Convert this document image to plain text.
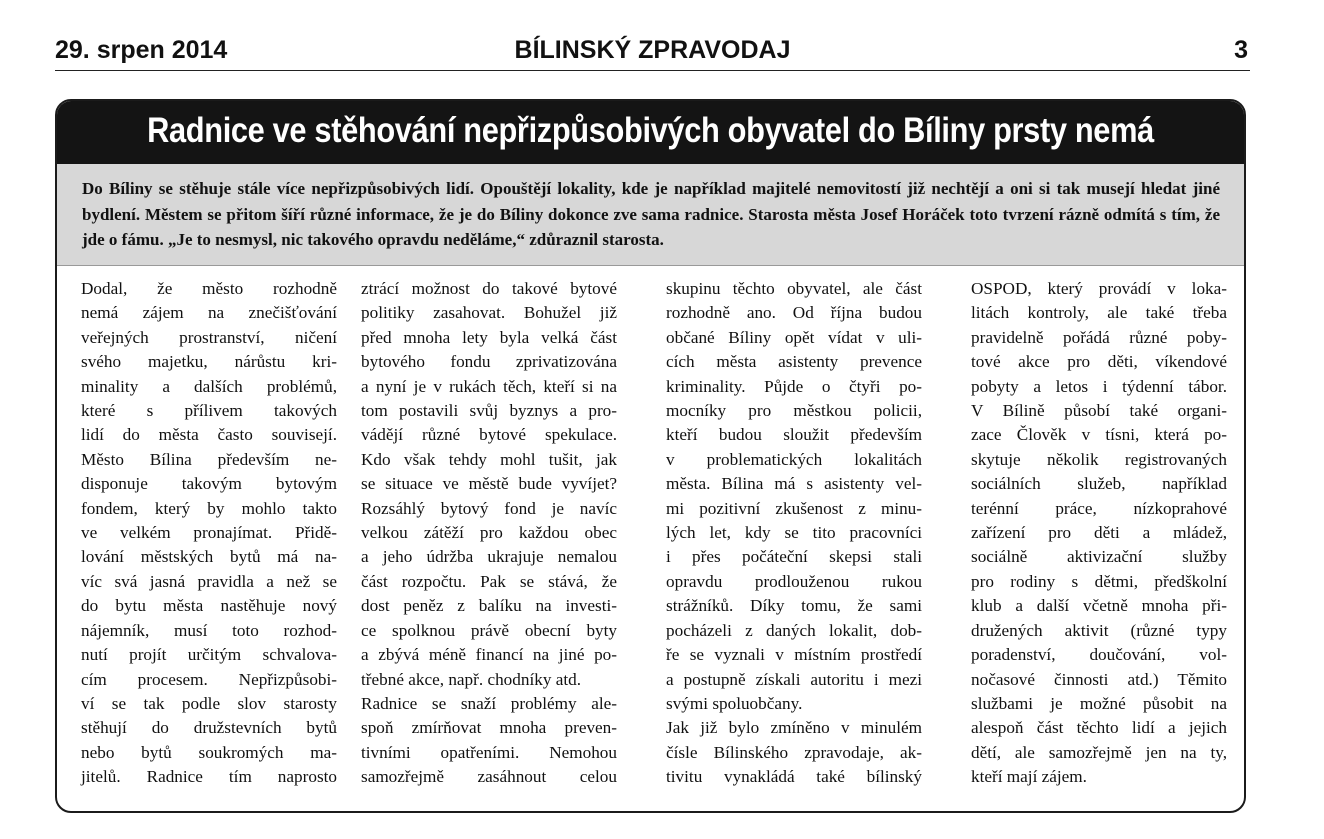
29. srpen 2014	BÍLINSKÝ ZPRAVODAJ	3
Radnice ve stěhování nepřizpůsobivých obyvatel do Bíliny prsty nemá

Do Bíliny se stěhuje stále více nepřizpůsobivých lidí. Opouštějí lokality, kde je například majitelé nemovitostí již nechtějí a oni si tak musejí hledat jiné bydlení. Městem se přitom šíří různé informace, že je do Bíliny dokonce zve sama radnice. Starosta města Josef Horáček toto tvrzení rázně odmítá s tím, že jde o fámu. „Je to nesmysl, nic takového opravdu neděláme,“ zdůraznil starosta.

Dodal, že město rozhodně
nemá zájem na znečišťování
veřejných prostranství, ničení
svého majetku, nárůstu kri-
minality a dalších problémů,
které s přílivem takových
lidí do města často souvisejí.
Město Bílina především ne-
disponuje takovým bytovým
fondem, který by mohlo takto
ve velkém pronajímat. Přidě-
lování městských bytů má na-
víc svá jasná pravidla a než se
do bytu města nastěhuje nový
nájemník, musí toto rozhod-
nutí projít určitým schvalova-
cím procesem. Nepřizpůsobi-
ví se tak podle slov starosty
stěhují do družstevních bytů
nebo bytů soukromých ma-
jitelů. Radnice tím naprosto
ztrácí možnost do takové bytové
politiky zasahovat. Bohužel již
před mnoha lety byla velká část
bytového fondu zprivatizována
a nyní je v rukách těch, kteří si na
tom postavili svůj byznys a pro-
vádějí různé bytové spekulace.
Kdo však tehdy mohl tušit, jak
se situace ve městě bude vyvíjet?
Rozsáhlý bytový fond je navíc
velkou zátěží pro každou obec
a jeho údržba ukrajuje nemalou
část rozpočtu. Pak se stává, že
dost peněz z balíku na investi-
ce spolknou právě obecní byty
a zbývá méně financí na jiné po-
třebné akce, např. chodníky atd.
Radnice se snaží problémy ale-
spoň zmírňovat mnoha preven-
tivními opatřeními. Nemohou
samozřejmě zasáhnout celou
skupinu těchto obyvatel, ale část
rozhodně ano. Od října budou
občané Bíliny opět vídat v uli-
cích města asistenty prevence
kriminality. Půjde o čtyři po-
mocníky pro městkou policii,
kteří budou sloužit především
v problematických lokalitách
města. Bílina má s asistenty vel-
mi pozitivní zkušenost z minu-
lých let, kdy se tito pracovníci
i přes počáteční skepsi stali
opravdu prodlouženou rukou
strážníků. Díky tomu, že sami
pocházeli z daných lokalit, dob-
ře se vyznali v místním prostředí
a postupně získali autoritu i mezi
svými spoluobčany.
Jak již bylo zmíněno v minulém
čísle Bílinského zpravodaje, ak-
tivitu vynakládá také bílinský
OSPOD, který provádí v loka-
litách kontroly, ale také třeba
pravidelně pořádá různé poby-
tové akce pro děti, víkendové
pobyty a letos i týdenní tábor.
V Bílině působí také organi-
zace Člověk v tísni, která po-
skytuje několik registrovaných
sociálních služeb, například
terénní práce, nízkoprahové
zařízení pro děti a mládež,
sociálně aktivizační služby
pro rodiny s dětmi, předškolní
klub a další včetně mnoha při-
družených aktivit (různé typy
poradenství, doučování, vol-
nočasové činnosti atd.) Těmito
službami je možné působit na
alespoň část těchto lidí a jejich
dětí, ale samozřejmě jen na ty,
kteří mají zájem.
